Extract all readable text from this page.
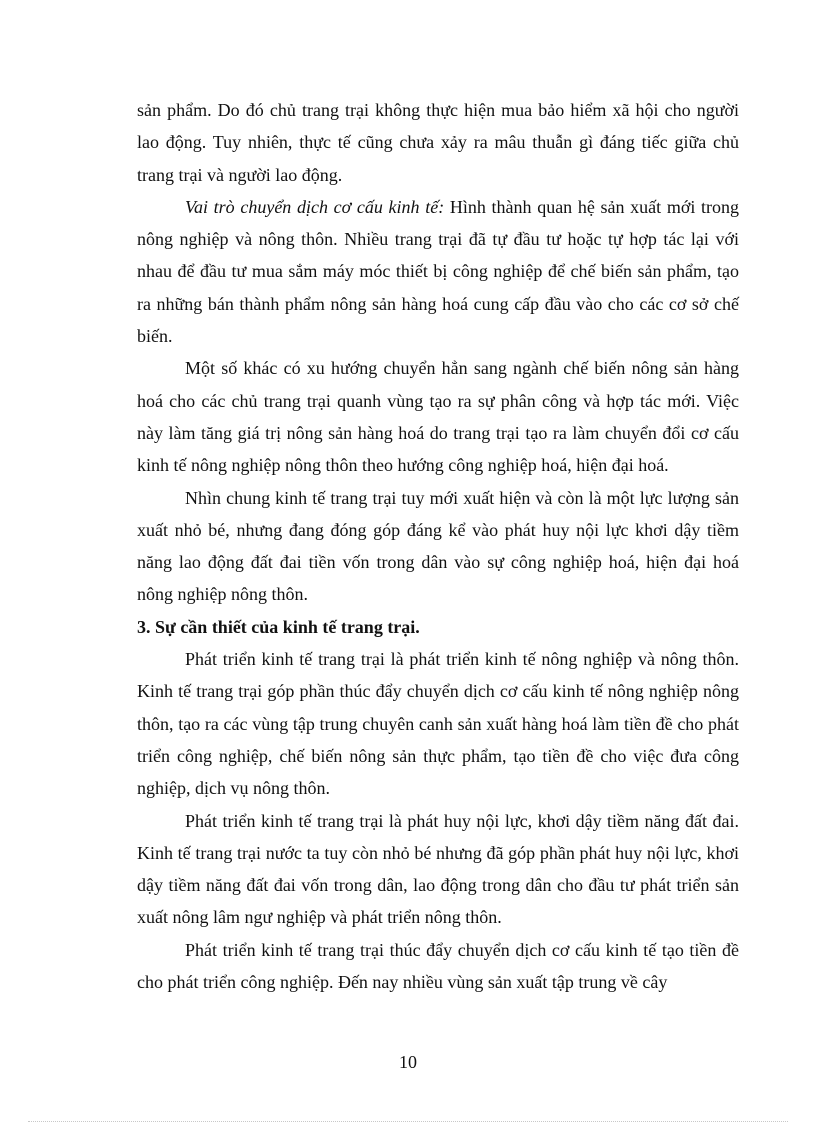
sản phẩm. Do đó chủ trang trại không thực hiện mua bảo hiểm xã hội cho người lao động. Tuy nhiên, thực tế cũng chưa xảy ra mâu thuẫn gì đáng tiếc giữa chủ trang trại và người lao động.

Vai trò chuyển dịch cơ cấu kinh tế: Hình thành quan hệ sản xuất mới trong nông nghiệp và nông thôn. Nhiều trang trại đã tự đầu tư hoặc tự hợp tác lại với nhau để đầu tư mua sắm máy móc thiết bị công nghiệp để chế biến sản phẩm, tạo ra những bán thành phẩm nông sản hàng hoá cung cấp đầu vào cho các cơ sở chế biến.

Một số khác có xu hướng chuyển hẳn sang ngành chế biến nông sản hàng hoá cho các chủ trang trại quanh vùng tạo ra sự phân công và hợp tác mới. Việc này làm tăng giá trị nông sản hàng hoá do trang trại tạo ra làm chuyển đổi cơ cấu kinh tế nông nghiệp nông thôn theo hướng công nghiệp hoá, hiện đại hoá.

Nhìn chung kinh tế trang trại tuy mới xuất hiện và còn là một lực lượng sản xuất nhỏ bé, nhưng đang đóng góp đáng kể vào phát huy nội lực khơi dậy tiềm năng lao động đất đai tiền vốn trong dân vào sự công nghiệp hoá, hiện đại hoá nông nghiệp nông thôn.

3. Sự cần thiết của kinh tế trang trại.

Phát triển kinh tế trang trại là phát triển kinh tế nông nghiệp và nông thôn. Kinh tế trang trại góp phần thúc đẩy chuyển dịch cơ cấu kinh tế nông nghiệp nông thôn, tạo ra các vùng tập trung chuyên canh sản xuất hàng hoá làm tiền đề cho phát triển công nghiệp, chế biến nông sản thực phẩm, tạo tiền đề cho việc đưa công nghiệp, dịch vụ nông thôn.

Phát triển kinh tế trang trại là phát huy nội lực, khơi dậy tiềm năng đất đai. Kinh tế trang trại nước ta tuy còn nhỏ bé nhưng đã góp phần phát huy nội lực, khơi dậy tiềm năng đất đai vốn trong dân, lao động trong dân cho đầu tư phát triển sản xuất nông lâm ngư nghiệp và phát triển nông thôn.

Phát triển kinh tế trang trại thúc đẩy chuyển dịch cơ cấu kinh tế tạo tiền đề cho phát triển công nghiệp. Đến nay nhiều vùng sản xuất tập trung về cây

10
